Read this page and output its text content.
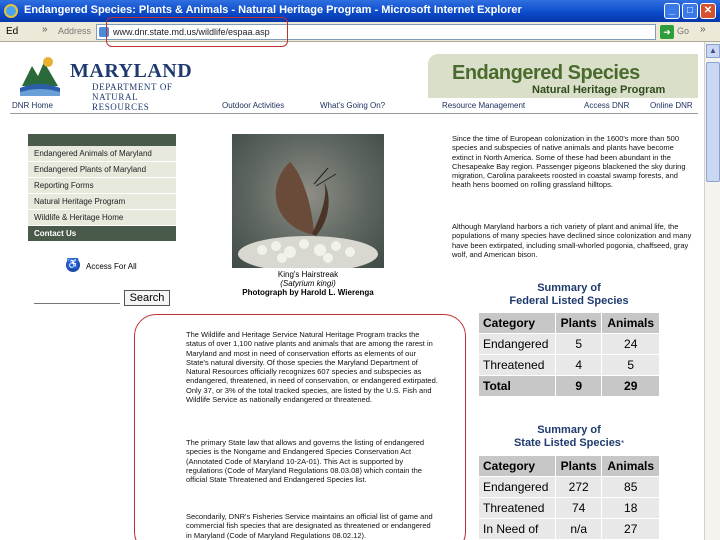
Endangered Species: Plants & Animals - Natural Heritage Program - Microsoft Internet Explorer	_	□	✕
Ed » Address www.dnr.state.md.us/wildlife/espaa.asp	➜ Go »
▲
MARYLAND
DEPARTMENT OF
NATURAL RESOURCES
Endangered Species
Natural Heritage Program
DNR Home	Outdoor Activities	What's Going On?	Resource Management	Access DNR	Online DNR
Endangered Animals of Maryland
Endangered Plants of Maryland
Reporting Forms
Natural Heritage Program
Wildlife & Heritage Home
Contact Us
♿ Access For All
Search
King's Hairstreak
(Satyrium kingi)
Photograph by Harold L. Wierenga
The Wildlife and Heritage Service Natural Heritage Program tracks the status of over 1,100 native plants and animals that are among the rarest in Maryland and most in need of conservation efforts as elements of our State's natural diversity. Of those species the Maryland Department of Natural Resources officially recognizes 607 species and subspecies as endangered, threatened, in need of conservation, or endangered extirpated. Only 37, or 3% of the total tracked species, are listed by the U.S. Fish and Wildlife Service as nationally endangered or threatened.
The primary State law that allows and governs the listing of endangered species is the Nongame and Endangered Species Conservation Act (Annotated Code of Maryland 10-2A-01). This Act is supported by regulations (Code of Maryland Regulations 08.03.08) which contain the official State Threatened and Endangered Species list.
Secondarily, DNR's Fisheries Service maintains an official list of game and commercial fish species that are designated as threatened or endangered in Maryland (Code of Maryland Regulations 08.02.12).
Since the time of European colonization in the 1600's more than 500 species and subspecies of native animals and plants have become extinct in North America. Some of these had been abundant in the Chesapeake Bay region. Passenger pigeons blackened the sky during migration, Carolina parakeets roosted in coastal swamp forests, and heath hens boomed on rolling grassland hilltops.
Although Maryland harbors a rich variety of plant and animal life, the populations of many species have declined since colonization and many have been extirpated, including small-whorled pogonia, chaffseed, gray wolf, and American bison.
Summary of
Federal Listed Species
Category	Plants	Animals
Endangered	5	24
Threatened	4	5
Total	9	29
Summary of
State Listed Species*
Category	Plants	Animals
Endangered	272	85
Threatened	74	18
In Need of	n/a	27
